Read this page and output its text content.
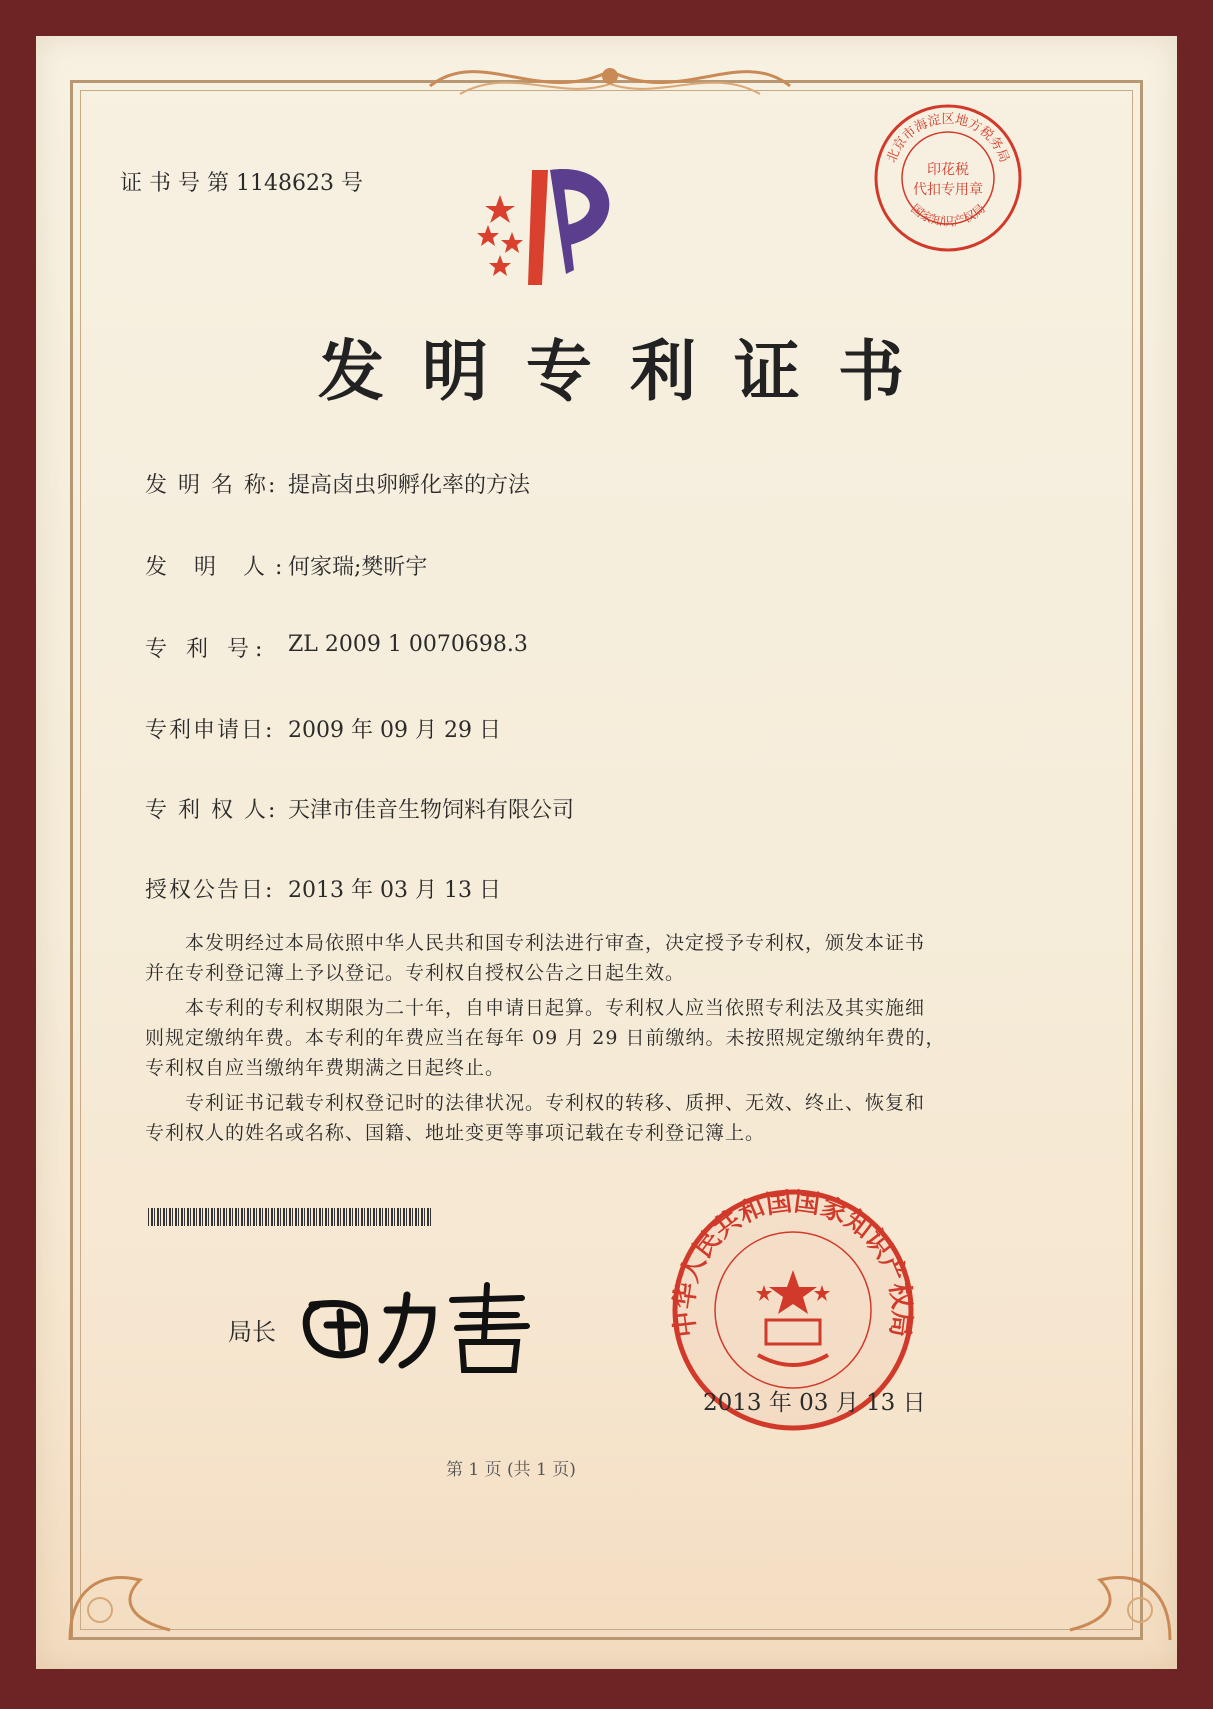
证 书 号 第 1148623 号
北京市海淀区地方税务局
国家知识产权局
印花税
代扣专用章
发明专利证书
发 明 名 称: 提高卤虫卵孵化率的方法
发 明 人:
何家瑞;樊昕宇
专 利 号: ZL 2009 1 0070698.3
专利申请日: 2009 年 09 月 29 日
专 利 权 人: 天津市佳音生物饲料有限公司
授权公告日: 2013 年 03 月 13 日
本发明经过本局依照中华人民共和国专利法进行审查，决定授予专利权，颁发本证书
并在专利登记簿上予以登记。专利权自授权公告之日起生效。
本专利的专利权期限为二十年，自申请日起算。专利权人应当依照专利法及其实施细
则规定缴纳年费。本专利的年费应当在每年 09 月 29 日前缴纳。未按照规定缴纳年费的，
专利权自应当缴纳年费期满之日起终止。
专利证书记载专利权登记时的法律状况。专利权的转移、质押、无效、终止、恢复和
专利权人的姓名或名称、国籍、地址变更等事项记载在专利登记簿上。
局长	中华人民共和国国家知识产权局
2013 年 03 月 13 日
第 1 页 (共 1 页)
